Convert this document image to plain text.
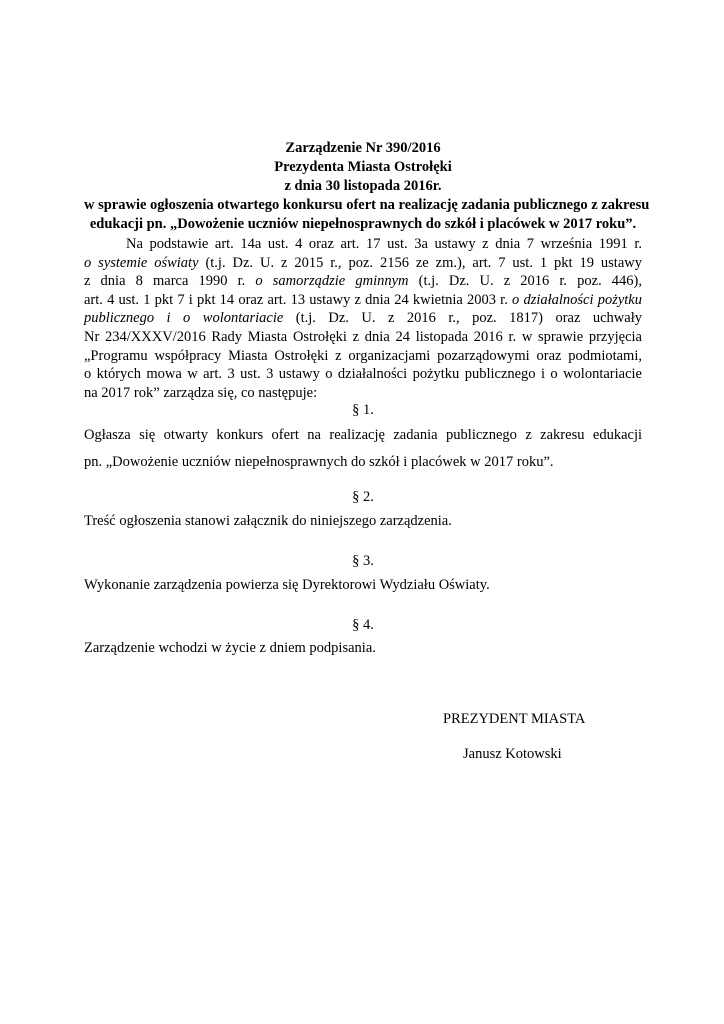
Zarządzenie Nr 390/2016
Prezydenta Miasta Ostrołęki
z dnia 30 listopada 2016r.
w sprawie ogłoszenia otwartego konkursu ofert na realizację zadania publicznego z zakresu
edukacji pn. „Dowożenie uczniów niepełnosprawnych do szkół i placówek w 2017 roku”.
Na podstawie art. 14a ust. 4 oraz art. 17 ust. 3a ustawy z dnia 7 września 1991 r.
o systemie oświaty (t.j. Dz. U. z 2015 r., poz. 2156 ze zm.), art. 7 ust. 1 pkt 19 ustawy
z dnia 8 marca 1990 r. o samorządzie gminnym (t.j. Dz. U. z 2016 r. poz. 446),
art. 4 ust. 1 pkt 7 i pkt 14 oraz art. 13 ustawy z dnia 24 kwietnia 2003 r. o działalności pożytku
publicznego i o wolontariacie (t.j. Dz. U. z 2016 r., poz. 1817) oraz uchwały
Nr 234/XXXV/2016 Rady Miasta Ostrołęki z dnia 24 listopada 2016 r. w sprawie przyjęcia
„Programu współpracy Miasta Ostrołęki z organizacjami pozarządowymi oraz podmiotami,
o których mowa w art. 3 ust. 3 ustawy o działalności pożytku publicznego i o wolontariacie
na 2017 rok” zarządza się, co następuje:
§ 1.
Ogłasza się otwarty konkurs ofert na realizację zadania publicznego z zakresu edukacji
pn. „Dowożenie uczniów niepełnosprawnych do szkół i placówek w 2017 roku”.
§ 2.
Treść ogłoszenia stanowi załącznik do niniejszego zarządzenia.
§ 3.
Wykonanie zarządzenia powierza się Dyrektorowi Wydziału Oświaty.
§ 4.
Zarządzenie wchodzi w życie z dniem podpisania.
PREZYDENT MIASTA
Janusz Kotowski
